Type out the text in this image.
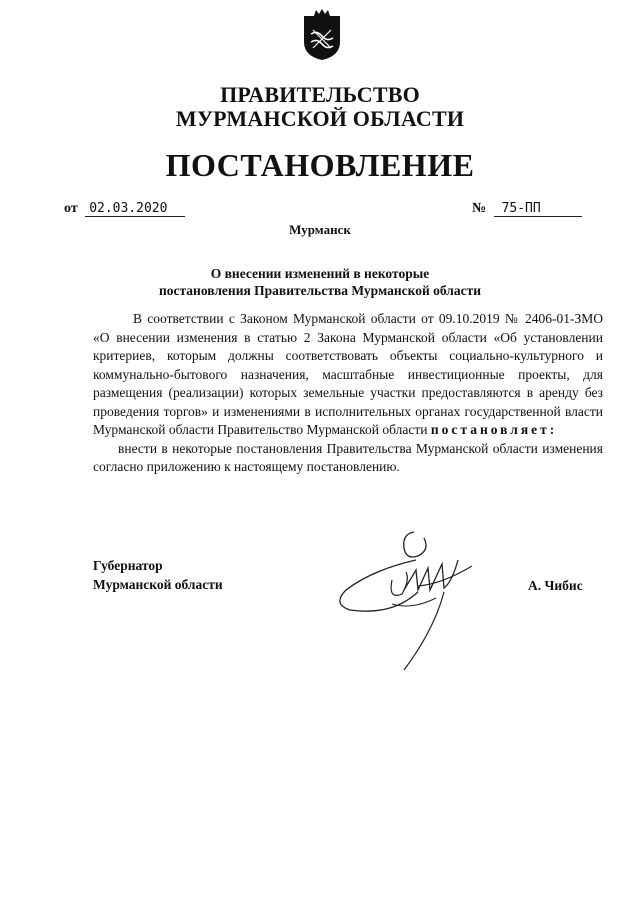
ПРАВИТЕЛЬСТВО
МУРМАНСКОЙ ОБЛАСТИ
ПОСТАНОВЛЕНИЕ
от 02.03.2020	№ 75-ПП
Мурманск
О внесении изменений в некоторые
постановления Правительства Мурманской области

В соответствии с Законом Мурманской области от 09.10.2019 № 2406-01-ЗМО «О внесении изменения в статью 2 Закона Мурманской области «Об установлении критериев, которым должны соответствовать объекты социально-культурного и коммунально-бытового назначения, масштабные инвестиционные проекты, для размещения (реализации) которых земельные участки предоставляются в аренду без проведения торгов» и изменениями в исполнительных органах государственной власти Мурманской области Правительство Мурманской области постановляет:

внести в некоторые постановления Правительства Мурманской области изменения согласно приложению к настоящему постановлению.

Губернатор
Мурманской области	А. Чибис
